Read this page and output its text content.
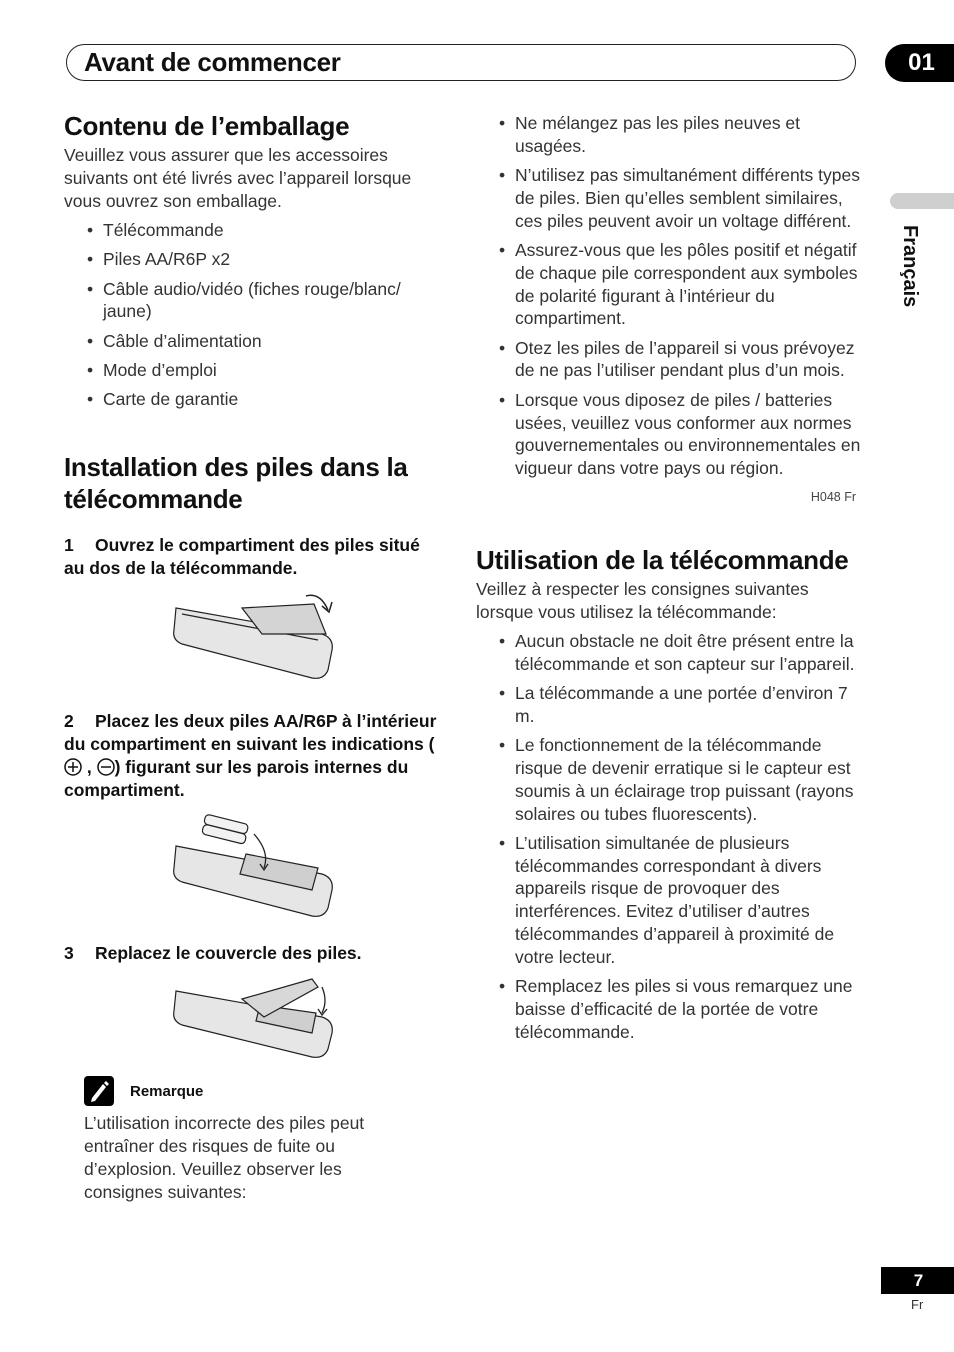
Avant de commencer	01
Français
Contenu de l’emballage

Veuillez vous assurer que les accessoires suivants ont été livrés avec l’appareil lorsque vous ouvrez son emballage.

• Télécommande
• Piles AA/R6P x2
• Câble audio/vidéo (fiches rouge/blanc/ jaune)
• Câble d’alimentation
• Mode d’emploi
• Carte de garantie
Installation des piles dans la télécommande
1 Ouvrez le compartiment des piles situé au dos de la télécommande.
2 Placez les deux piles AA/R6P à l’intérieur du compartiment en suivant les indications ( , ) figurant sur les parois internes du compartiment.
3 Replacez le couvercle des piles.
Remarque

L’utilisation incorrecte des piles peut entraîner des risques de fuite ou d’explosion. Veuillez observer les consignes suivantes:

• Ne mélangez pas les piles neuves et usagées.
• N’utilisez pas simultanément différents types de piles. Bien qu’elles semblent similaires, ces piles peuvent avoir un voltage différent.
• Assurez-vous que les pôles positif et négatif de chaque pile correspondent aux symboles de polarité figurant à l’intérieur du compartiment.
• Otez les piles de l’appareil si vous prévoyez de ne pas l’utiliser pendant plus d’un mois.
• Lorsque vous diposez de piles / batteries usées, veuillez vous conformer aux normes gouvernementales ou environnementales en vigueur dans votre pays ou région.
H048 Fr
Utilisation de la télécommande

Veillez à respecter les consignes suivantes lorsque vous utilisez la télécommande:

• Aucun obstacle ne doit être présent entre la télécommande et son capteur sur l’appareil.
• La télécommande a une portée d’environ 7 m.
• Le fonctionnement de la télécommande risque de devenir erratique si le capteur est soumis à un éclairage trop puissant (rayons solaires ou tubes fluorescents).
• L’utilisation simultanée de plusieurs télécommandes correspondant à divers appareils risque de provoquer des interférences. Evitez d’utiliser d’autres télécommandes d’appareil à proximité de votre lecteur.
• Remplacez les piles si vous remarquez une baisse d’efficacité de la portée de votre télécommande.
7
Fr
